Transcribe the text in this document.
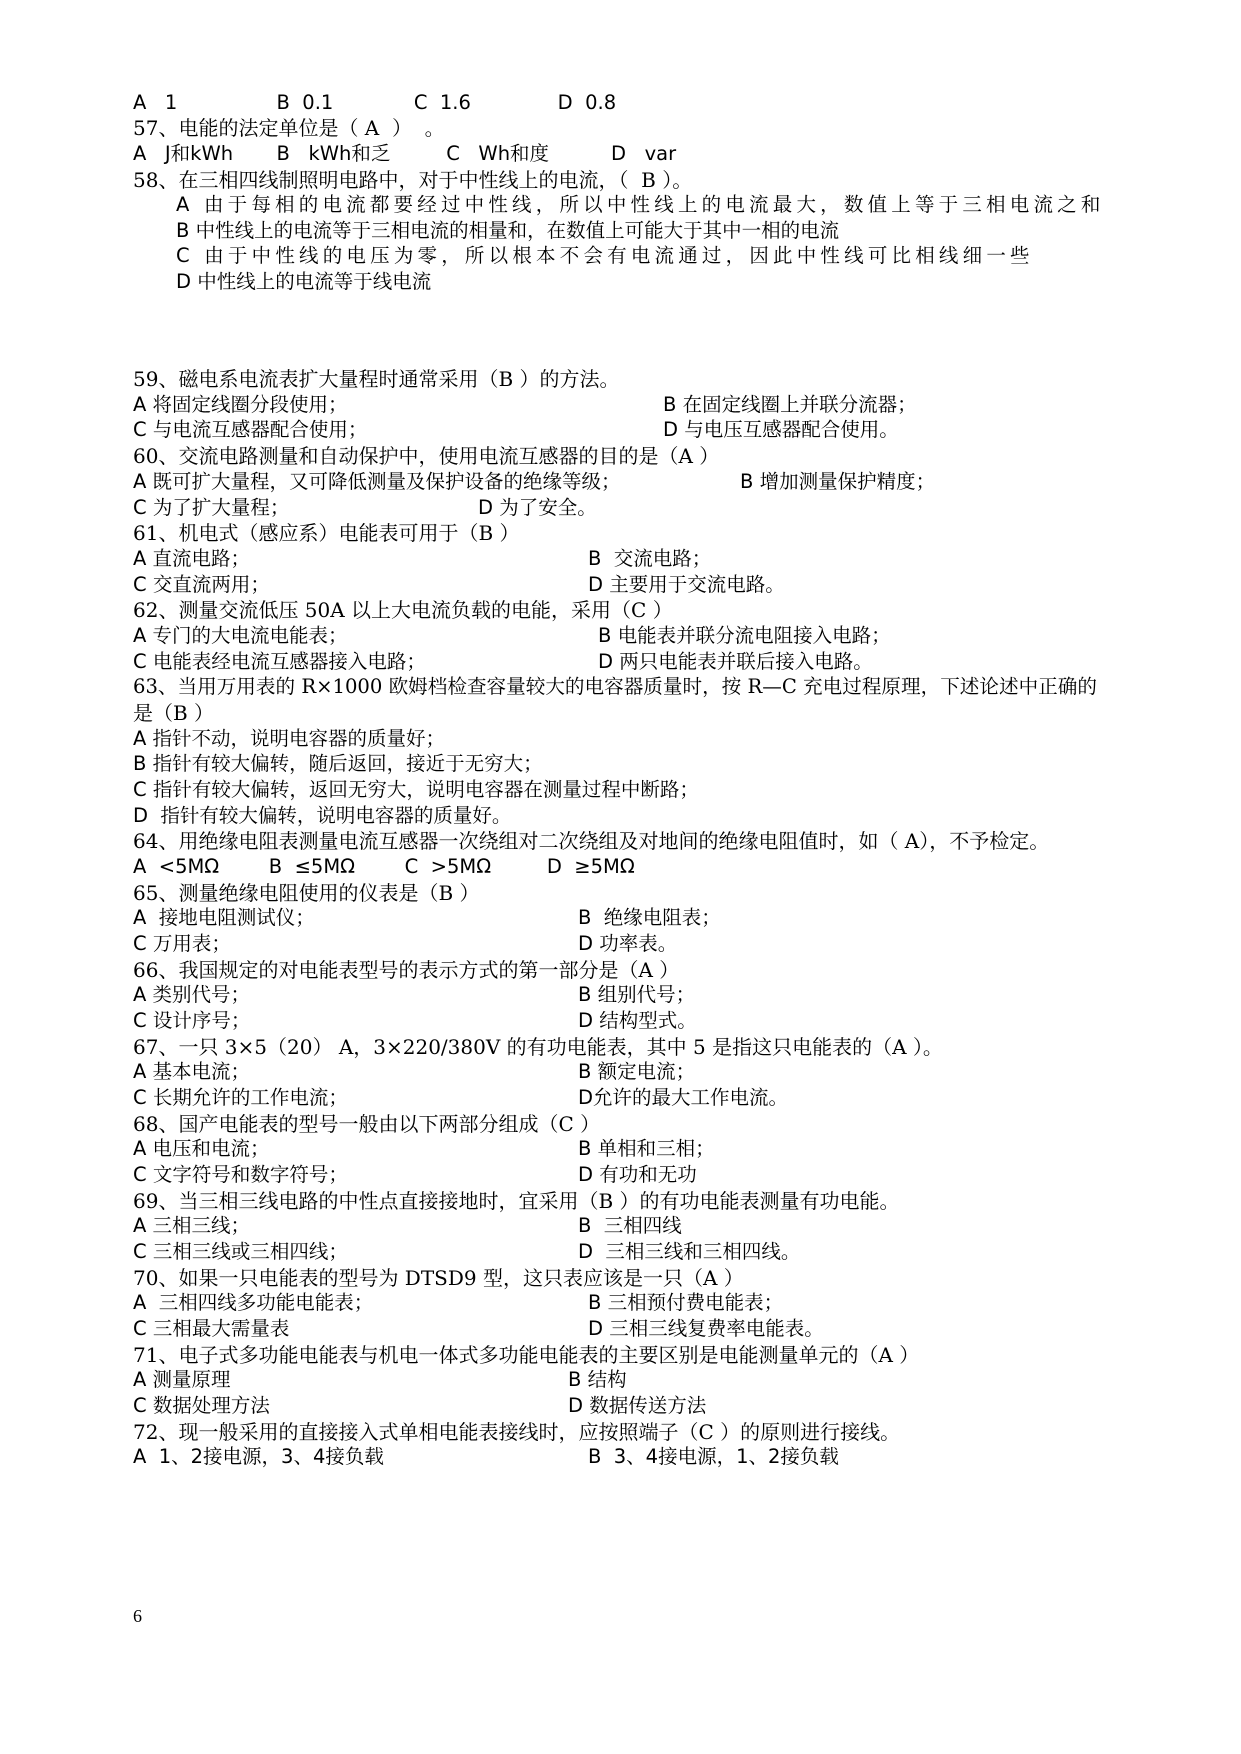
A   1                B  0.1             C  1.6              D  0.8
57、电能的法定单位是（ A  ）  。
A   J和kWh       B   kWh和乏         C   Wh和度          D   var
58、在三相四线制照明电路中，对于中性线上的电流，（  B ）。
A 由于每相的电流都要经过中性线，所以中性线上的电流最大，数值上等于三相电流之和
B 中性线上的电流等于三相电流的相量和，在数值上可能大于其中一相的电流
C 由于中性线的电压为零，所以根本不会有电流通过，因此中性线可比相线细一些
D 中性线上的电流等于线电流
59、磁电系电流表扩大量程时通常采用（B ）的方法。
A 将固定线圈分段使用；	B 在固定线圈上并联分流器；
C 与电流互感器配合使用；	D 与电压互感器配合使用。
60、交流电路测量和自动保护中，使用电流互感器的目的是（A ）
A 既可扩大量程，又可降低测量及保护设备的绝缘等级；	B 增加测量保护精度；
C 为了扩大量程；	D 为了安全。
61、机电式（感应系）电能表可用于（B ）
A 直流电路；	B  交流电路；
C 交直流两用；	D 主要用于交流电路。
62、测量交流低压 50A 以上大电流负载的电能，采用（C ）
A 专门的大电流电能表；	B 电能表并联分流电阻接入电路；
C 电能表经电流互感器接入电路；	D 两只电能表并联后接入电路。
63、当用万用表的 R×1000 欧姆档检查容量较大的电容器质量时，按 R—C 充电过程原理，下述论述中正确的
是（B ）
A 指针不动，说明电容器的质量好；
B 指针有较大偏转，随后返回，接近于无穷大；
C 指针有较大偏转，返回无穷大，说明电容器在测量过程中断路；
D  指针有较大偏转，说明电容器的质量好。
64、用绝缘电阻表测量电流互感器一次绕组对二次绕组及对地间的绝缘电阻值时，如（ A），不予检定。
A  <5MΩ        B  ≤5MΩ        C  >5MΩ         D  ≥5MΩ
65、测量绝缘电阻使用的仪表是（B ）
A  接地电阻测试仪；	B  绝缘电阻表；
C 万用表；	D 功率表。
66、我国规定的对电能表型号的表示方式的第一部分是（A ）
A 类别代号；	B 组别代号；
C 设计序号；	D 结构型式。
67、一只 3×5（20） A，3×220/380V 的有功电能表，其中 5 是指这只电能表的（A ）。
A 基本电流；	B 额定电流；
C 长期允许的工作电流；	D允许的最大工作电流。
68、国产电能表的型号一般由以下两部分组成（C ）
A 电压和电流；	B 单相和三相；
C 文字符号和数字符号；	D 有功和无功
69、当三相三线电路的中性点直接接地时，宜采用（B ）的有功电能表测量有功电能。
A 三相三线；	B  三相四线
C 三相三线或三相四线；	D  三相三线和三相四线。
70、如果一只电能表的型号为 DTSD9 型，这只表应该是一只（A ）
A  三相四线多功能电能表；	B 三相预付费电能表；
C 三相最大需量表	D 三相三线复费率电能表。
71、电子式多功能电能表与机电一体式多功能电能表的主要区别是电能测量单元的（A ）
A 测量原理	B 结构
C 数据处理方法	D 数据传送方法
72、现一般采用的直接接入式单相电能表接线时，应按照端子（C ）的原则进行接线。
A  1、2接电源，3、4接负载	B  3、4接电源，1、2接负载
6
